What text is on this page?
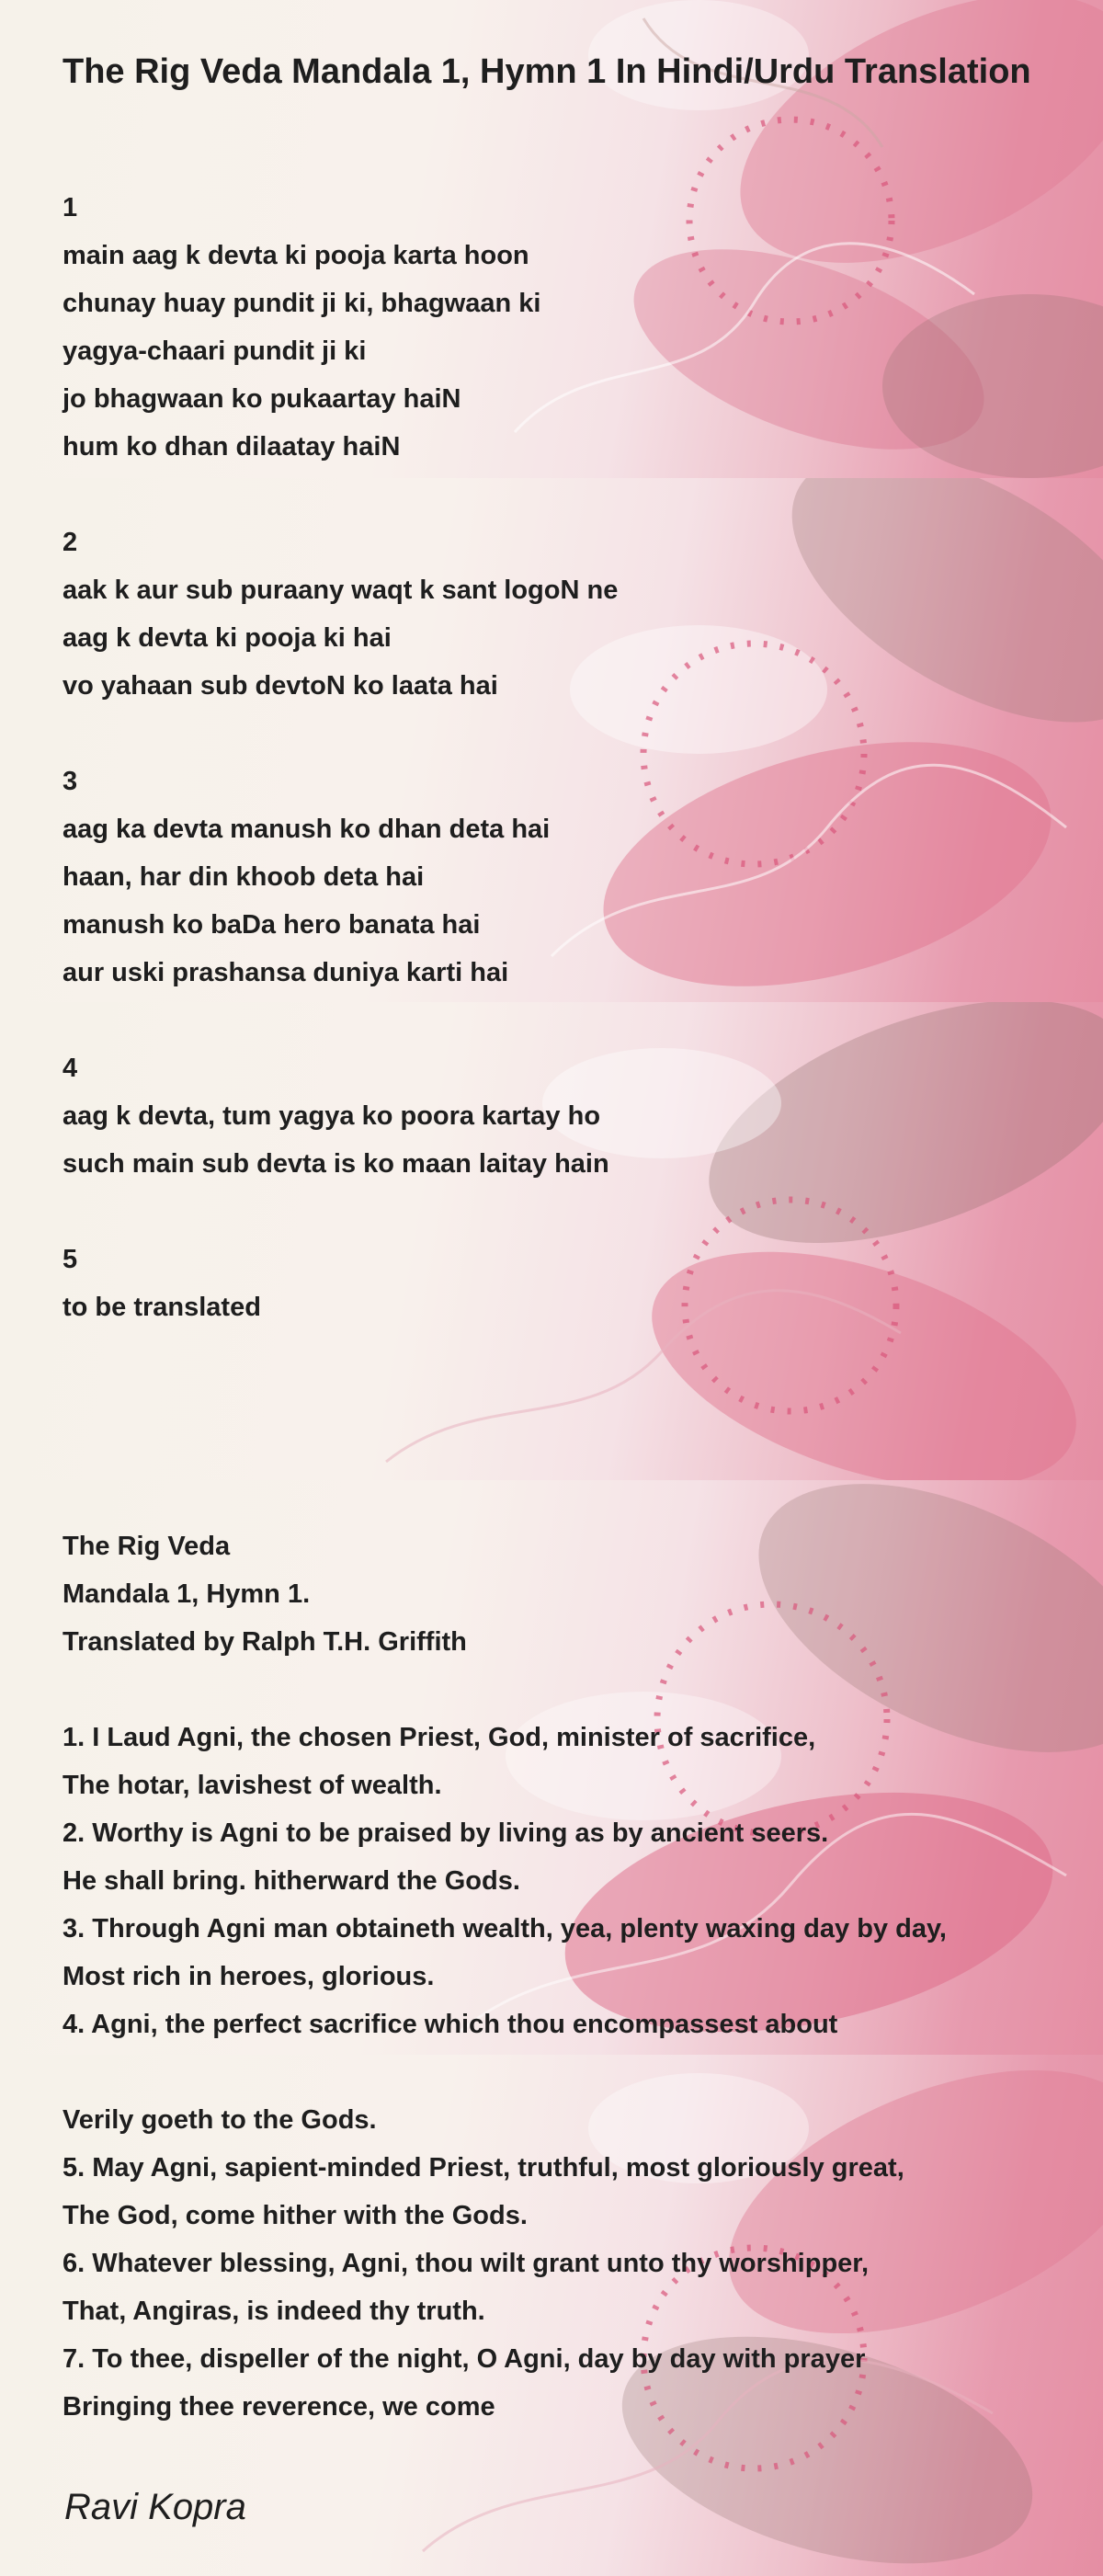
The Rig Veda Mandala 1, Hymn 1 In Hindi/Urdu Translation

1

main aag k devta ki pooja karta hoon

chunay huay pundit ji ki, bhagwaan ki

yagya-chaari pundit ji ki

jo bhagwaan ko pukaartay haiN

hum ko dhan dilaatay haiN

2

aak k aur sub puraany waqt k sant logoN ne

aag k devta ki pooja ki hai

vo yahaan sub devtoN ko laata hai

3

aag ka devta manush ko dhan deta hai

haan, har din khoob deta hai

manush ko baDa hero banata hai

aur uski prashansa duniya karti hai

4

aag k devta, tum yagya ko poora kartay ho

such main sub devta is ko maan laitay hain

5

to be translated

The Rig Veda

Mandala 1, Hymn 1.

Translated by Ralph T.H. Griffith

1. I Laud Agni, the chosen Priest, God, minister of sacrifice,

The hotar, lavishest of wealth.

2. Worthy is Agni to be praised by living as by ancient seers.

He shall bring. hitherward the Gods.

3. Through Agni man obtaineth wealth, yea, plenty waxing day by day,

Most rich in heroes, glorious.

4. Agni, the perfect sacrifice which thou encompassest about

Verily goeth to the Gods.

5. May Agni, sapient-minded Priest, truthful, most gloriously great,

The God, come hither with the Gods.

6. Whatever blessing, Agni, thou wilt grant unto thy worshipper,

That, Angiras, is indeed thy truth.

7. To thee, dispeller of the night, O Agni, day by day with prayer

Bringing thee reverence, we come

Ravi Kopra
